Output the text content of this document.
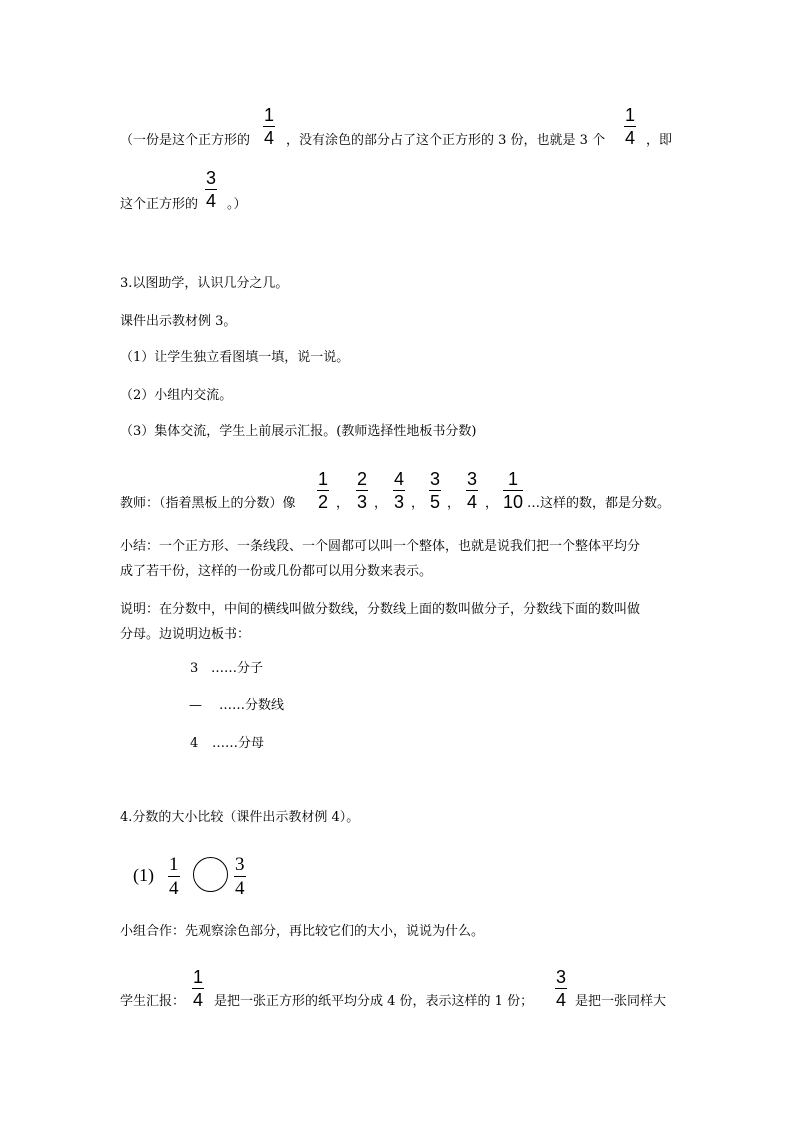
（一份是这个正方形的
1
4 ，没有涂色的部分占了这个正方形的 3 份，也就是 3 个
1
4 ，即
这个正方形的
3
4 。）
3.以图助学，认识几分之几。
课件出示教材例 3。
（1）让学生独立看图填一填，说一说。
（2）小组内交流。
（3）集体交流，学生上前展示汇报。(教师选择性地板书分数)
教师：（指着黑板上的分数）像
1
2 ，
2
3 ，
4
3 ，
3
5 ，
3
4 ，
1
10 …这样的数，都是分数。
小结：一个正方形、一条线段、一个圆都可以叫一个整体，也就是说我们把一个整体平均分
成了若干份，这样的一份或几份都可以用分数来表示。
说明：在分数中，中间的横线叫做分数线，分数线上面的数叫做分子，分数线下面的数叫做
分母。边说明边板书：
3 ……分子
— ……分数线
4 ……分母
4.分数的大小比较（课件出示教材例 4）。
(1) 1
4
3
4
小组合作：先观察涂色部分，再比较它们的大小，说说为什么。
学生汇报：
1
4 是把一张正方形的纸平均分成 4 份，表示这样的 1 份；
3
4 是把一张同样大
